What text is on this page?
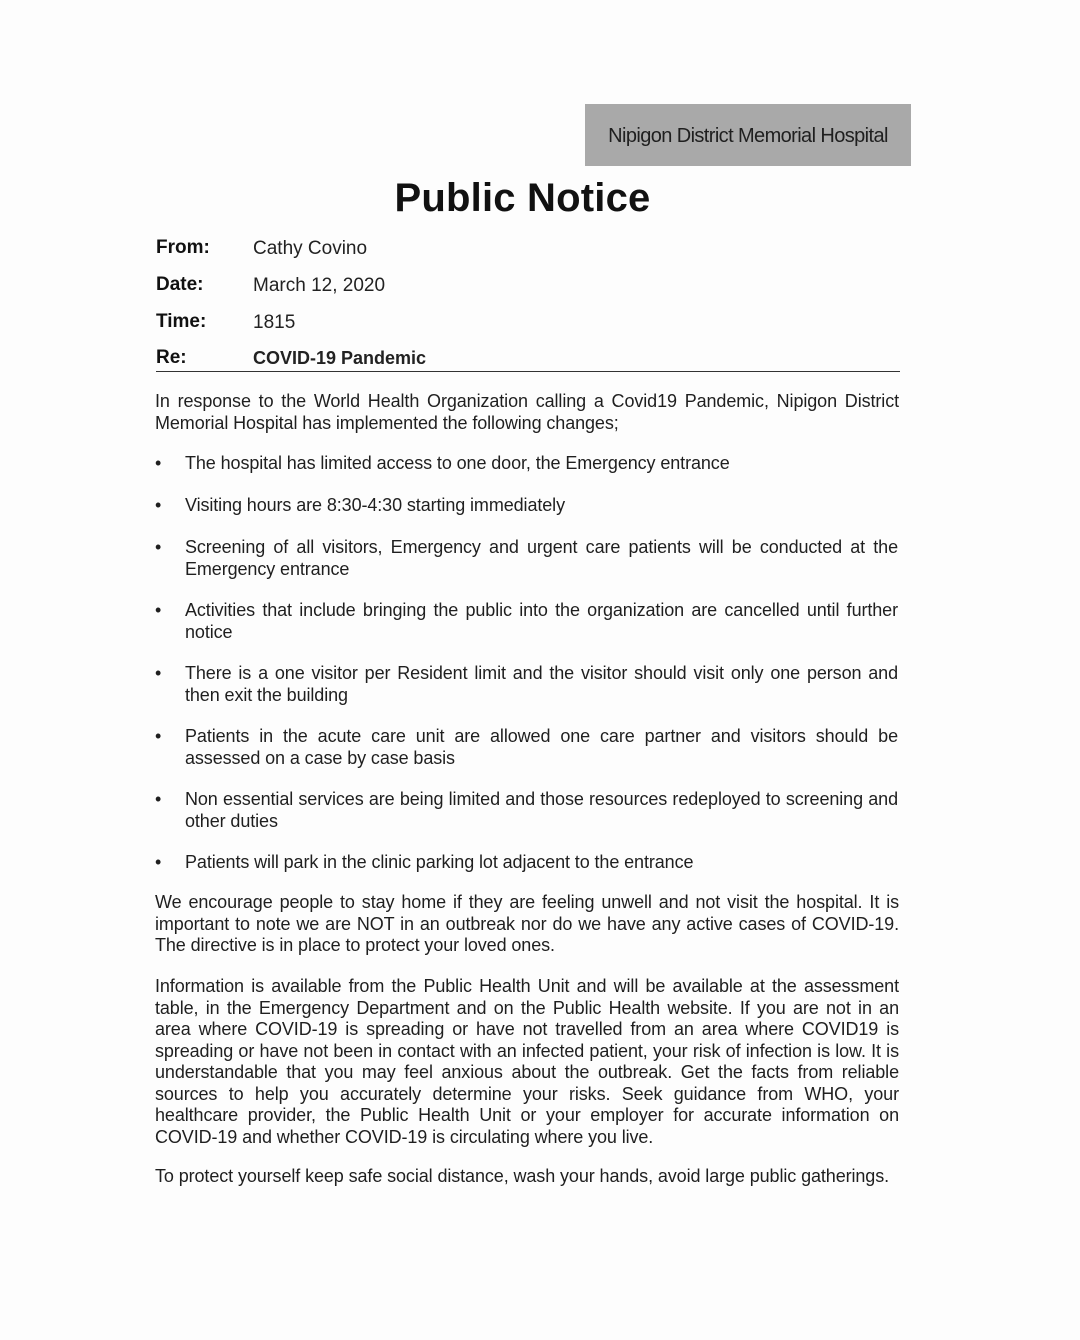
Nipigon District Memorial Hospital
Public Notice
From: Cathy Covino
Date:	March 12, 2020
Time: 1815
Re:	COVID-19 Pandemic
In response to the World Health Organization calling a Covid19 Pandemic, Nipigon District Memorial Hospital has implemented the following changes;
•	The hospital has limited access to one door, the Emergency entrance
•	Visiting hours are 8:30-4:30 starting immediately
•	Screening of all visitors, Emergency and urgent care patients will be conducted at the Emergency entrance
•	Activities that include bringing the public into the organization are cancelled until further notice
•	There is a one visitor per Resident limit and the visitor should visit only one person and then exit the building
•	Patients in the acute care unit are allowed one care partner and visitors should be assessed on a case by case basis
•	Non essential services are being limited and those resources redeployed to screening and other duties
•	Patients will park in the clinic parking lot adjacent to the entrance
We encourage people to stay home if they are feeling unwell and not visit the hospital. It is important to note we are NOT in an outbreak nor do we have any active cases of COVID-19. The directive is in place to protect your loved ones.
Information is available from the Public Health Unit and will be available at the assessment table, in the Emergency Department and on the Public Health website. If you are not in an area where COVID-19 is spreading or have not travelled from an area where COVID19 is spreading or have not been in contact with an infected patient, your risk of infection is low. It is understandable that you may feel anxious about the outbreak. Get the facts from reliable sources to help you accurately determine your risks. Seek guidance from WHO, your healthcare provider, the Public Health Unit or your employer for accurate information on COVID-19 and whether COVID-19 is circulating where you live.
To protect yourself keep safe social distance, wash your hands, avoid large public gatherings.
